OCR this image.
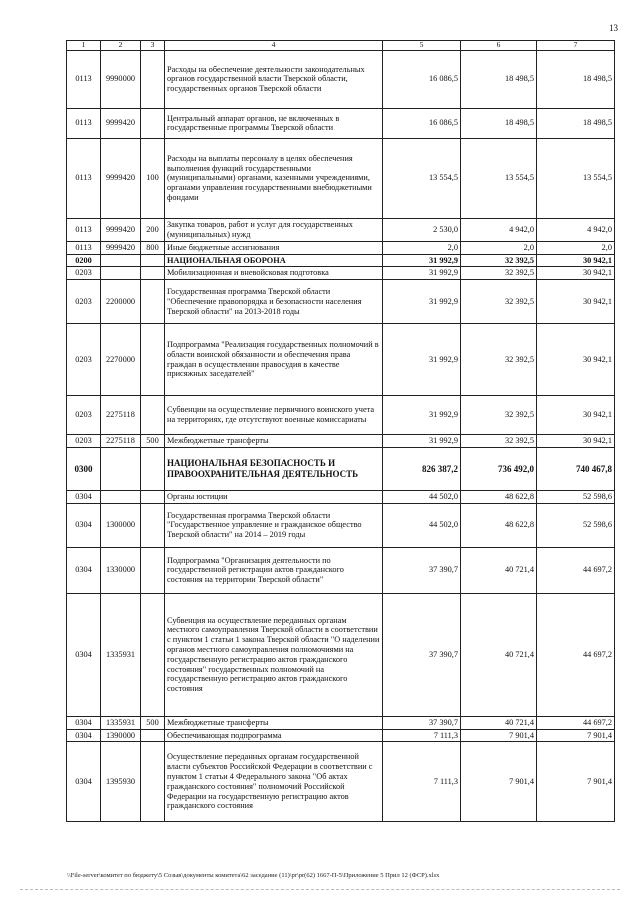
13
1	2	3	4	5	6	7
0113	9990000		Расходы на обеспечение деятельности законодательных органов государственной власти Тверской области, государственных органов Тверской области	16 086,5	18 498,5	18 498,5
0113	9999420		Центральный аппарат органов, не включенных в государственные программы Тверской области	16 086,5	18 498,5	18 498,5
0113	9999420	100	Расходы на выплаты персоналу в целях обеспечения выполнения функций государственными (муниципальными) органами, казенными учреждениями, органами управления государственными внебюджетными фондами	13 554,5	13 554,5	13 554,5
0113	9999420	200	Закупка товаров, работ и услуг для государственных (муниципальных) нужд	2 530,0	4 942,0	4 942,0
0113	9999420	800	Иные бюджетные ассигнования	2,0	2,0	2,0
0200			НАЦИОНАЛЬНАЯ ОБОРОНА	31 992,9	32 392,5	30 942,1
0203			Мобилизационная и вневойсковая подготовка	31 992,9	32 392,5	30 942,1
0203	2200000		Государственная программа Тверской области "Обеспечение правопорядка и безопасности населения Тверской области" на 2013-2018 годы	31 992,9	32 392,5	30 942,1
0203	2270000		Подпрограмма "Реализация государственных полномочий в области воинской обязанности и обеспечения права граждан в осуществлении правосудия в качестве присяжных заседателей"	31 992,9	32 392,5	30 942,1
0203	2275118		Субвенции на осуществление первичного воинского учета на территориях, где отсутствуют военные комиссариаты	31 992,9	32 392,5	30 942,1
0203	2275118	500	Межбюджетные трансферты	31 992,9	32 392,5	30 942,1
0300			НАЦИОНАЛЬНАЯ БЕЗОПАСНОСТЬ И ПРАВООХРАНИТЕЛЬНАЯ ДЕЯТЕЛЬНОСТЬ	826 387,2	736 492,0	740 467,8
0304			Органы юстиции	44 502,0	48 622,8	52 598,6
0304	1300000		Государственная программа Тверской области "Государственное управление и гражданское общество Тверской области" на 2014 – 2019 годы	44 502,0	48 622,8	52 598,6
0304	1330000		Подпрограмма "Организация деятельности по государственной регистрации актов гражданского состояния на территории Тверской области"	37 390,7	40 721,4	44 697,2
0304	1335931		Субвенция на осуществление переданных органам местного самоуправления Тверской области в соответствии с пунктом 1 статьи 1 закона Тверской области "О наделении органов местного самоуправления полномочиями на государственную регистрацию актов гражданского состояния" государственных полномочий на государственную регистрацию актов гражданского состояния	37 390,7	40 721,4	44 697,2
0304	1335931	500	Межбюджетные трансферты	37 390,7	40 721,4	44 697,2
0304	1390000		Обеспечивающая подпрограмма	7 111,3	7 901,4	7 901,4
0304	1395930		Осуществление переданных органам государственной власти субъектов Российской Федерации в соответствии с пунктом 1 статьи 4 Федерального закона "Об актах гражданского состояния" полномочий Российской Федерации на государственную регистрацию актов гражданского состояния	7 111,3	7 901,4	7 901,4
\\File-server\комитет по бюджету\5 Созыв\документы комитета\62 заседание (11)\pr\pr(62) 1667-П-5\Приложение 5 Прил 12 (ФСР).xlsx
